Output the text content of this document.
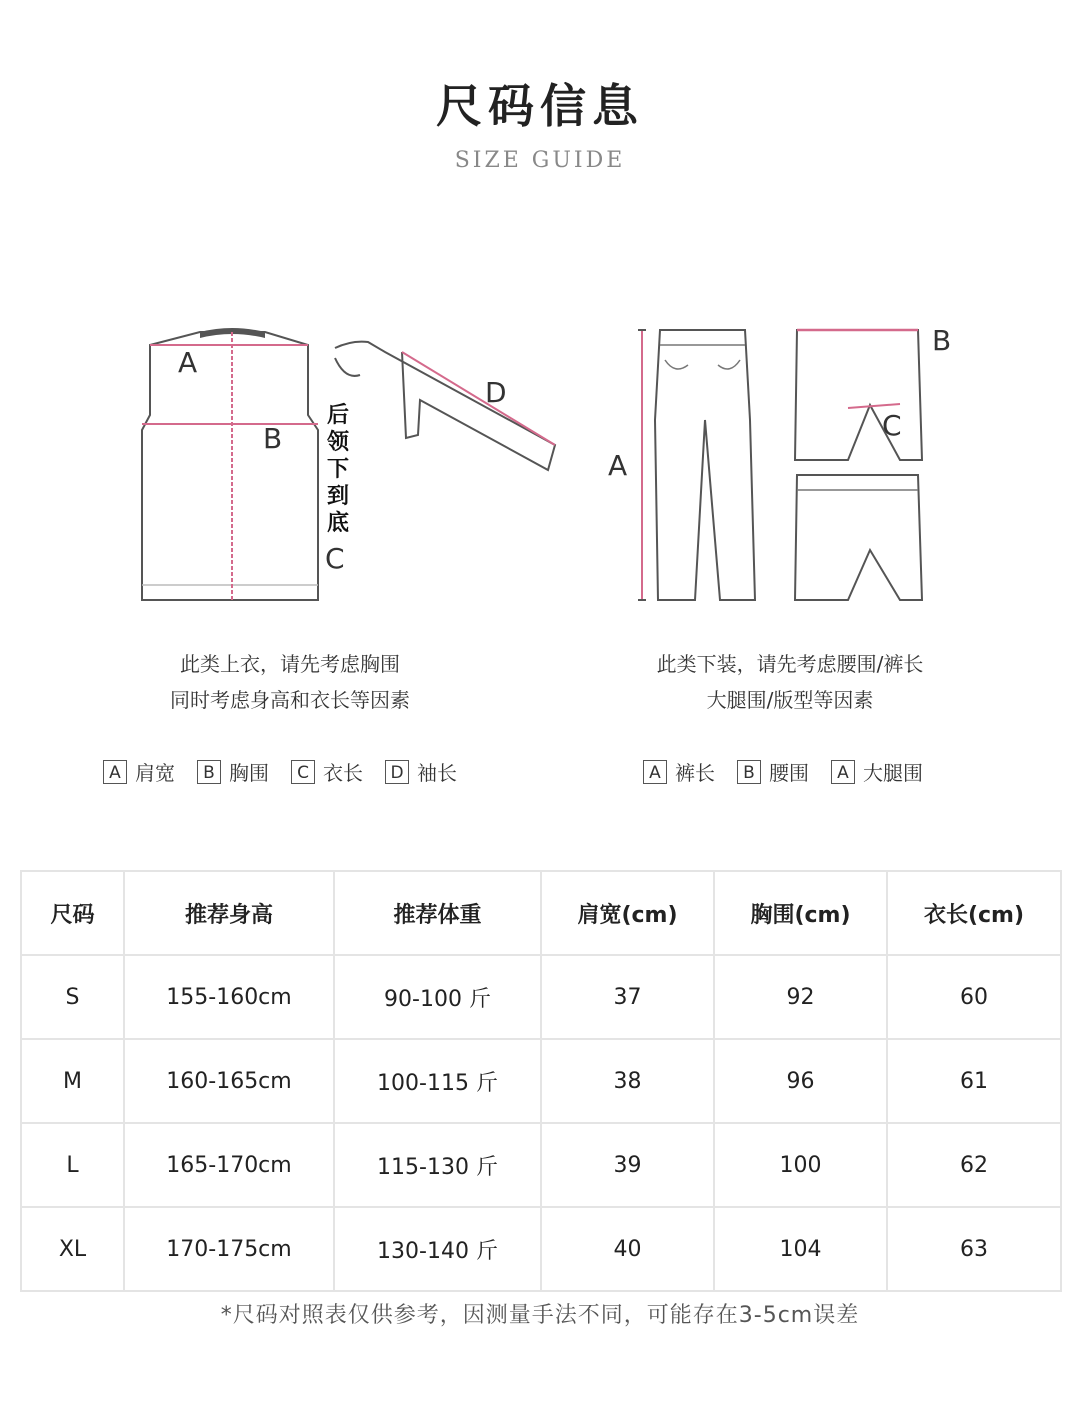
尺码信息
SIZE GUIDE
A
B
C
D
后领下到底
A
B
C
此类上衣，请先考虑胸围
同时考虑身高和衣长等因素
此类下装，请先考虑腰围/裤长
大腿围/版型等因素
A 肩宽	B 胸围	C 衣长	D 袖长	A 裤长	B 腰围	A 大腿围
尺码	推荐身高	推荐体重	肩宽(cm)	胸围(cm)	衣长(cm)
S	155-160cm	90-100 斤	37	92	60
M	160-165cm	100-115 斤	38	96	61
L	165-170cm	115-130 斤	39	100	62
XL	170-175cm	130-140 斤	40	104	63
*尺码对照表仅供参考，因测量手法不同，可能存在3-5cm误差
